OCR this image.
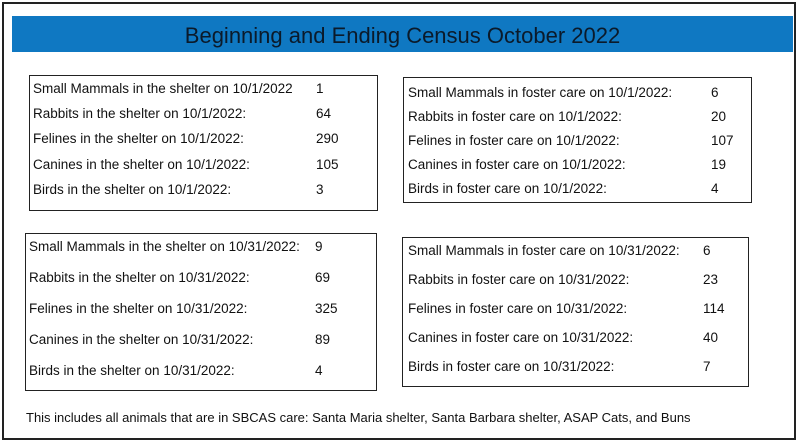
Beginning and Ending Census October 2022
Small Mammals in the shelter on 10/1/2022 1
Rabbits in the shelter on 10/1/2022:	64
Felines in the shelter on 10/1/2022:	290
Canines in the shelter on 10/1/2022:	105
Birds in the shelter on 10/1/2022:	3
Small Mammals in foster care on 10/1/2022:	6
Rabbits in foster care on 10/1/2022:	20
Felines in foster care on 10/1/2022:	107
Canines in foster care on 10/1/2022:	19
Birds in foster care on 10/1/2022:	4
Small Mammals in the shelter on 10/31/2022: 9
Rabbits in the shelter on 10/31/2022:	69
Felines in the shelter on 10/31/2022:	325
Canines in the shelter on 10/31/2022:	89
Birds in the shelter on 10/31/2022:	4
Small Mammals in foster care on 10/31/2022: 6
Rabbits in foster care on 10/31/2022:	23
Felines in foster care on 10/31/2022:	114
Canines in foster care on 10/31/2022:	40
Birds in foster care on 10/31/2022:	7
This includes all animals that are in SBCAS care: Santa Maria shelter, Santa Barbara shelter, ASAP Cats, and Buns
